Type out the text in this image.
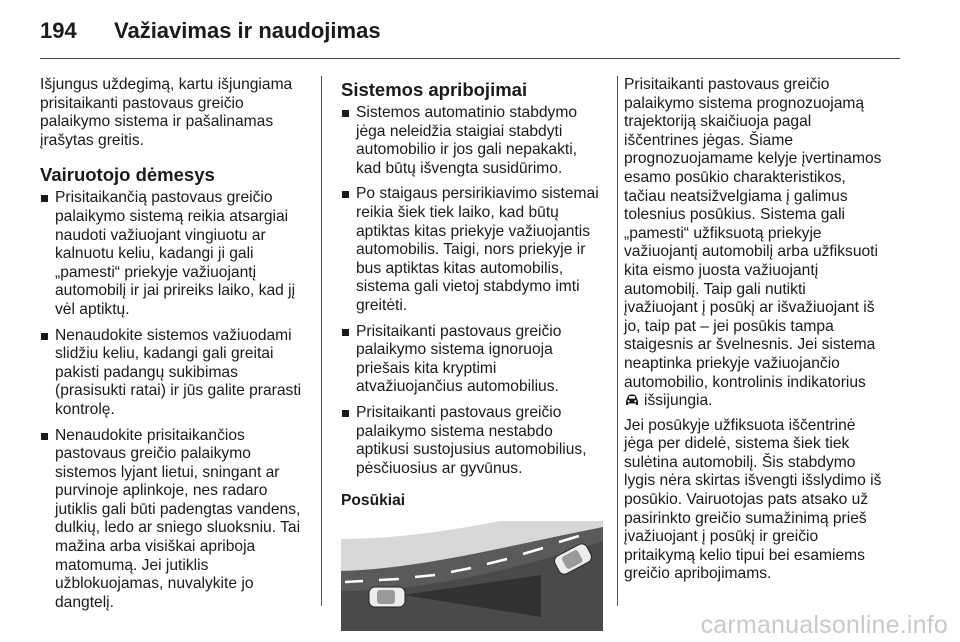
194	Važiavimas ir naudojimas

Išjungus uždegimą, kartu išjungiama
prisitaikanti pastovaus greičio
palaikymo sistema ir pašalinamas
įrašytas greitis.

Vairuotojo dėmesys
Prisitaikančią pastovaus greičio
palaikymo sistemą reikia atsargiai
naudoti važiuojant vingiuotu ar
kalnuotu keliu, kadangi ji gali
„pamesti“ priekyje važiuojantį
automobilį ir jai prireiks laiko, kad jį
vėl aptiktų.
Nenaudokite sistemos važiuodami
slidžiu keliu, kadangi gali greitai
pakisti padangų sukibimas
(prasisukti ratai) ir jūs galite prarasti
kontrolę.
Nenaudokite prisitaikančios
pastovaus greičio palaikymo
sistemos lyjant lietui, sningant ar
purvinoje aplinkoje, nes radaro
jutiklis gali būti padengtas vandens,
dulkių, ledo ar sniego sluoksniu. Tai
mažina arba visiškai apriboja
matomumą. Jei jutiklis
užblokuojamas, nuvalykite jo
dangtelį.
Sistemos apribojimai
Sistemos automatinio stabdymo
jėga neleidžia staigiai stabdyti
automobilio ir jos gali nepakakti,
kad būtų išvengta susidūrimo.
Po staigaus persirikiavimo sistemai
reikia šiek tiek laiko, kad būtų
aptiktas kitas priekyje važiuojantis
automobilis. Taigi, nors priekyje ir
bus aptiktas kitas automobilis,
sistema gali vietoj stabdymo imti
greitėti.
Prisitaikanti pastovaus greičio
palaikymo sistema ignoruoja
priešais kita kryptimi
atvažiuojančius automobilius.
Prisitaikanti pastovaus greičio
palaikymo sistema nestabdo
aptikusi sustojusius automobilius,
pėsčiuosius ar gyvūnus.
Posūkiai

Prisitaikanti pastovaus greičio
palaikymo sistema prognozuojamą
trajektoriją skaičiuoja pagal
iščentrines jėgas. Šiame
prognozuojamame kelyje įvertinamos
esamo posūkio charakteristikos,
tačiau neatsižvelgiama į galimus
tolesnius posūkius. Sistema gali
„pamesti“ užfiksuotą priekyje
važiuojantį automobilį arba užfiksuoti
kita eismo juosta važiuojantį
automobilį. Taip gali nutikti
įvažiuojant į posūkį ar išvažiuojant iš
jo, taip pat – jei posūkis tampa
staigesnis ar švelnesnis. Jei sistema
neaptinka priekyje važiuojančio
automobilio, kontrolinis indikatorius
išsijungia.

Jei posūkyje užfiksuota iščentrinė
jėga per didelė, sistema šiek tiek
sulėtina automobilį. Šis stabdymo
lygis nėra skirtas išvengti išslydimo iš
posūkio. Vairuotojas pats atsako už
pasirinkto greičio sumažinimą prieš
įvažiuojant į posūkį ir greičio
pritaikymą kelio tipui bei esamiems
greičio apribojimams.

carmanualsonline.info
